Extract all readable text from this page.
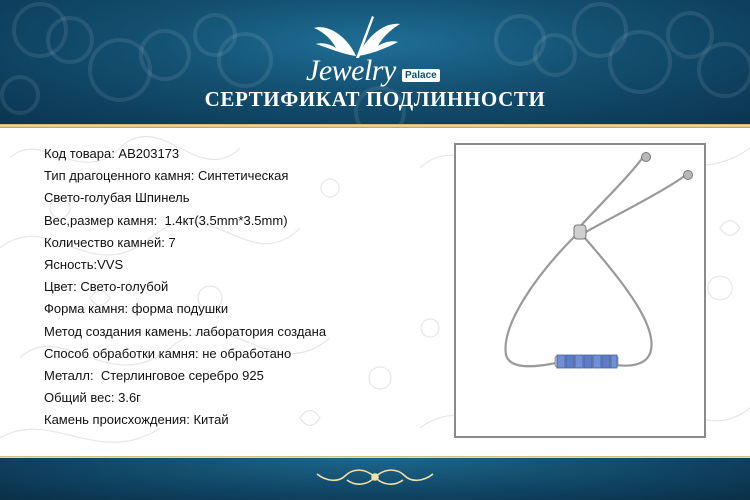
Jewelry Palace
СЕРТИФИКАТ ПОДЛИННОСТИ
Код товара: AB203173
Тип драгоценного камня: Синтетическая
Свето-голубая Шпинель
Вес,размер камня:  1.4кт(3.5mm*3.5mm)
Количество камней: 7
Ясность:VVS
Цвет: Свето-голубой
Форма камня: форма подушки
Метод создания камень: лаборатория создана
Способ обработки камня: не обработано
Металл:  Стерлинговое серебро 925
Общий вес: 3.6г
Камень происхождения: Китай
